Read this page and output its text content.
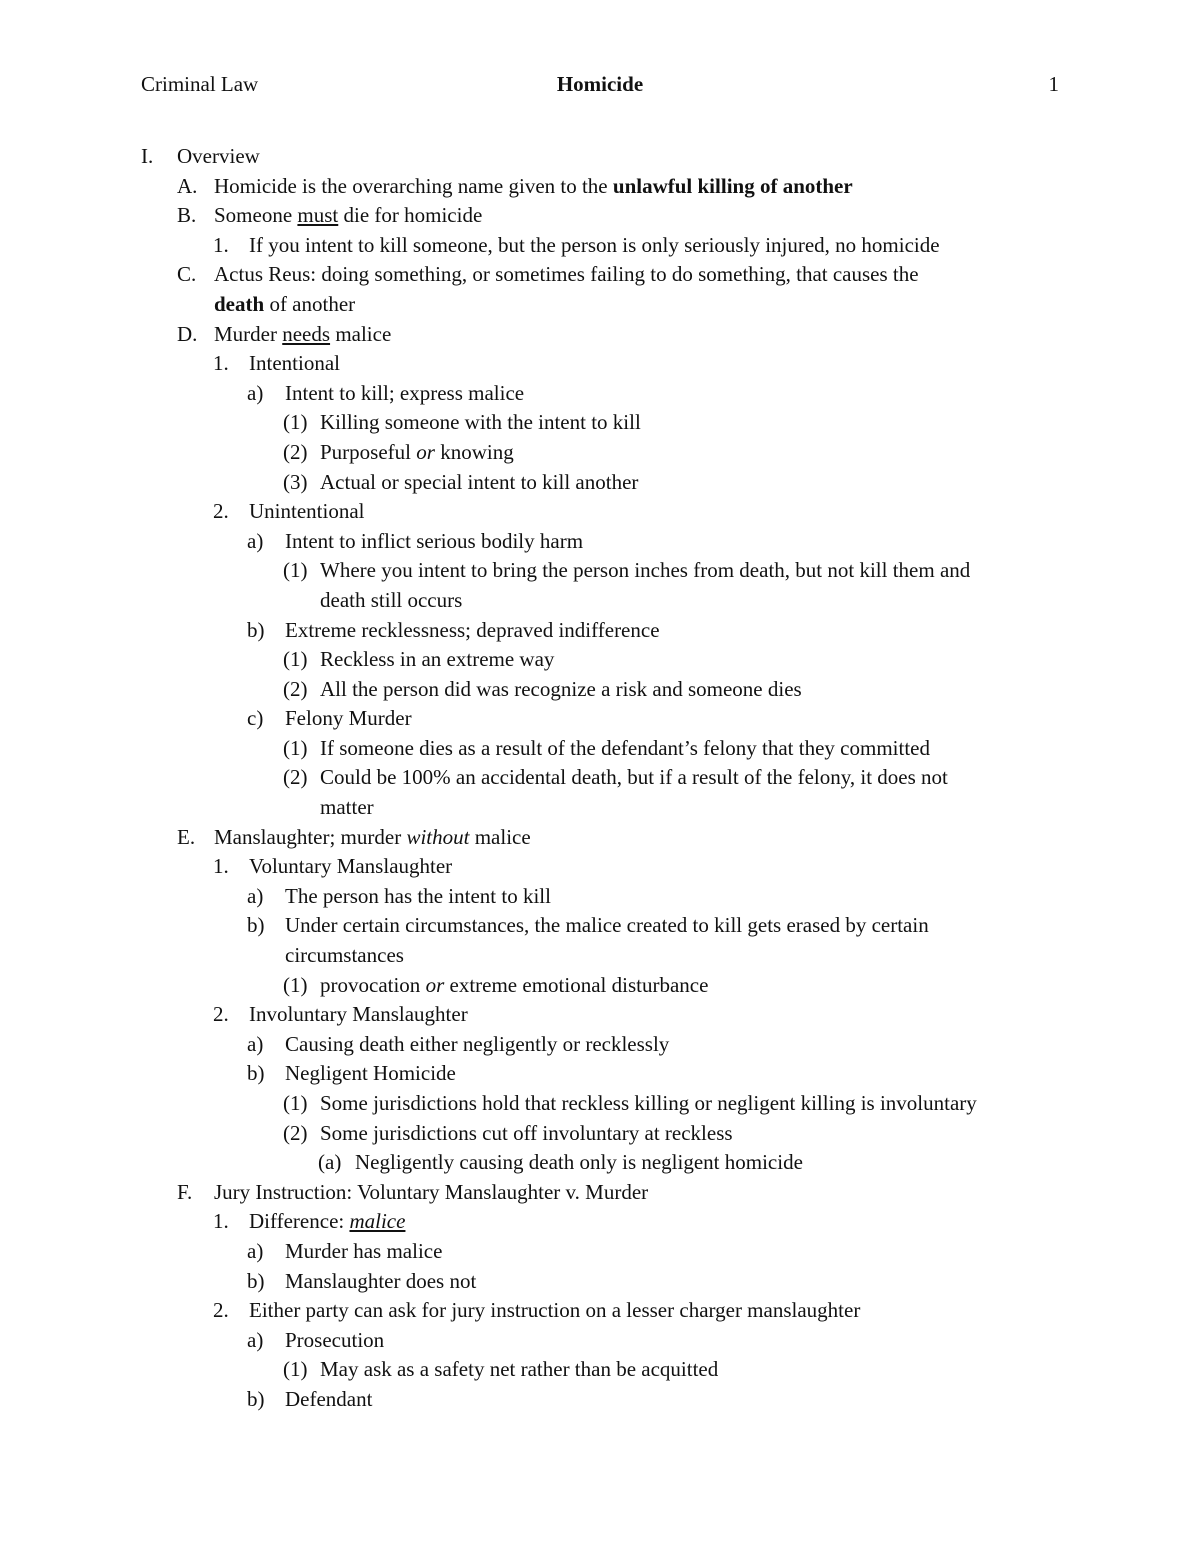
Criminal Law	Homicide	1
I. Overview
A. Homicide is the overarching name given to the unlawful killing of another
B. Someone must die for homicide
1. If you intent to kill someone, but the person is only seriously injured, no homicide
C. Actus Reus: doing something, or sometimes failing to do something, that causes the
death of another
D. Murder needs malice
1. Intentional
a) Intent to kill; express malice
(1) Killing someone with the intent to kill
(2) Purposeful or knowing
(3) Actual or special intent to kill another
2. Unintentional
a) Intent to inflict serious bodily harm
(1) Where you intent to bring the person inches from death, but not kill them and
death still occurs
b) Extreme recklessness; depraved indifference
(1) Reckless in an extreme way
(2) All the person did was recognize a risk and someone dies
c) Felony Murder
(1) If someone dies as a result of the defendant’s felony that they committed
(2) Could be 100% an accidental death, but if a result of the felony, it does not
matter
E. Manslaughter; murder without malice
1. Voluntary Manslaughter
a) The person has the intent to kill
b) Under certain circumstances, the malice created to kill gets erased by certain
circumstances
(1) provocation or extreme emotional disturbance
2. Involuntary Manslaughter
a) Causing death either negligently or recklessly
b) Negligent Homicide
(1) Some jurisdictions hold that reckless killing or negligent killing is involuntary
(2) Some jurisdictions cut off involuntary at reckless
(a) Negligently causing death only is negligent homicide
F. Jury Instruction: Voluntary Manslaughter v. Murder
1. Difference: malice
a) Murder has malice
b) Manslaughter does not
2. Either party can ask for jury instruction on a lesser charger manslaughter
a) Prosecution
(1) May ask as a safety net rather than be acquitted
b) Defendant
